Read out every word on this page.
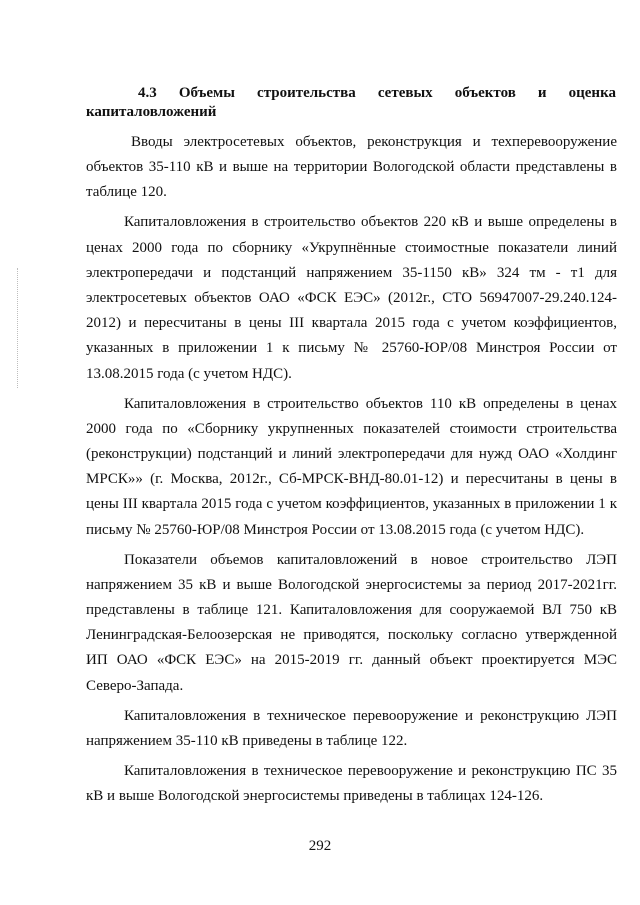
4.3 Объемы строительства сетевых объектов и оценка капиталовложений

Вводы электросетевых объектов, реконструкция и техперевооружение объектов 35-110 кВ и выше на территории Вологодской области представлены в таблице 120.

Капиталовложения в строительство объектов 220 кВ и выше определены в ценах 2000 года по сборнику «Укрупнённые стоимостные показатели линий электропередачи и подстанций напряжением 35-1150 кВ» 324 тм - т1 для электросетевых объектов ОАО «ФСК ЕЭС» (2012г., СТО 56947007-29.240.124-2012) и пересчитаны в цены III квартала 2015 года с учетом коэффициентов, указанных в приложении 1 к письму № 25760-ЮР/08 Минстроя России от 13.08.2015 года (с учетом НДС).

Капиталовложения в строительство объектов 110 кВ определены в ценах 2000 года по «Сборнику укрупненных показателей стоимости строительства (реконструкции) подстанций и линий электропередачи для нужд ОАО «Холдинг МРСК»» (г. Москва, 2012г., Сб-МРСК-ВНД-80.01-12) и пересчитаны в цены в цены III квартала 2015 года с учетом коэффициентов, указанных в приложении 1 к письму № 25760-ЮР/08 Минстроя России от 13.08.2015 года (с учетом НДС).

Показатели объемов капиталовложений в новое строительство ЛЭП напряжением 35 кВ и выше Вологодской энергосистемы за период 2017-2021гг. представлены в таблице 121. Капиталовложения для сооружаемой ВЛ 750 кВ Ленинградская-Белоозерская не приводятся, поскольку согласно утвержденной ИП ОАО «ФСК ЕЭС» на 2015-2019 гг. данный объект проектируется МЭС Северо-Запада.

Капиталовложения в техническое перевооружение и реконструкцию ЛЭП напряжением 35-110 кВ приведены в таблице 122.

Капиталовложения в техническое перевооружение и реконструкцию ПС 35 кВ и выше Вологодской энергосистемы приведены в таблицах 124-126.

292
